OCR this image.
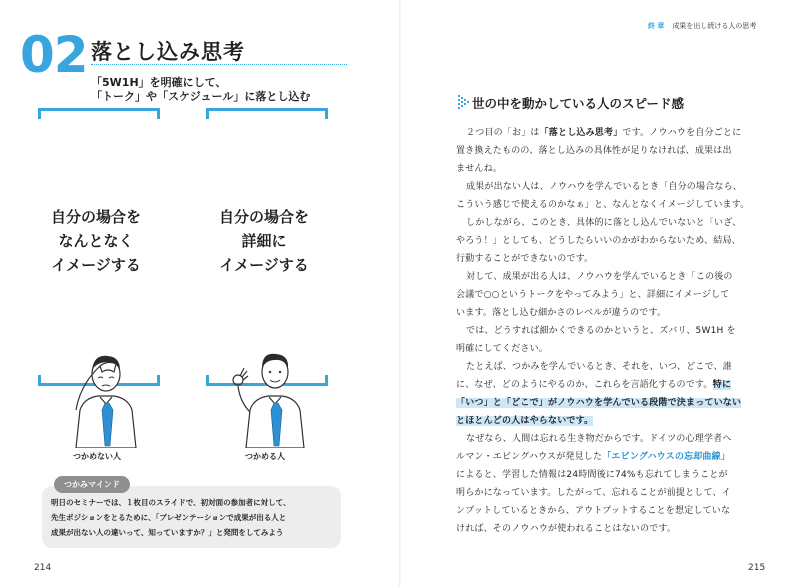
02 落とし込み思考
「5W1H」を明確にして、
「トーク」や「スケジュール」に落とし込む
自分の場合を
なんとなく
イメージする
自分の場合を
詳細に
イメージする
つかめない人	つかめる人
つかみマインド
明日のセミナーでは、１枚目のスライドで、初対面の参加者に対して、
先生ポジションをとるために、「プレゼンテーションで成果が出る人と
成果が出ない人の違いって、知っていますか？」と発問をしてみよう
214
終 章 成果を出し続ける人の思考
世の中を動かしている人のスピード感
２つ目の「お」は「落とし込み思考」です。ノウハウを自分ごとに
置き換えたものの、落とし込みの具体性が足りなければ、成果は出
ませんね。
成果が出ない人は、ノウハウを学んでいるとき「自分の場合なら、
こういう感じで使えるのかなぁ」と、なんとなくイメージしています。
しかしながら、このとき、具体的に落とし込んでいないと「いざ、
やろう！」としても、どうしたらいいのかがわからないため、結局、
行動することができないのです。
対して、成果が出る人は、ノウハウを学んでいるとき「この後の
会議で○○というトークをやってみよう」と、詳細にイメージして
います。落とし込む細かさのレベルが違うのです。
では、どうすれば細かくできるのかというと、ズバリ、5W1H を
明確にしてください。
たとえば、つかみを学んでいるとき、それを、いつ、どこで、誰
に、なぜ、どのようにやるのか、これらを言語化するのです。特に
「いつ」と「どこで」がノウハウを学んでいる段階で決まっていない
とほとんどの人はやらないです。
なぜなら、人間は忘れる生き物だからです。ドイツの心理学者ヘ
ルマン・エビングハウスが発見した「エビングハウスの忘却曲線」
によると、学習した情報は24時間後に74%も忘れてしまうことが
明らかになっています。したがって、忘れることが前提として、イ
ンプットしているときから、アウトプットすることを想定していな
ければ、そのノウハウが使われることはないのです。
215
